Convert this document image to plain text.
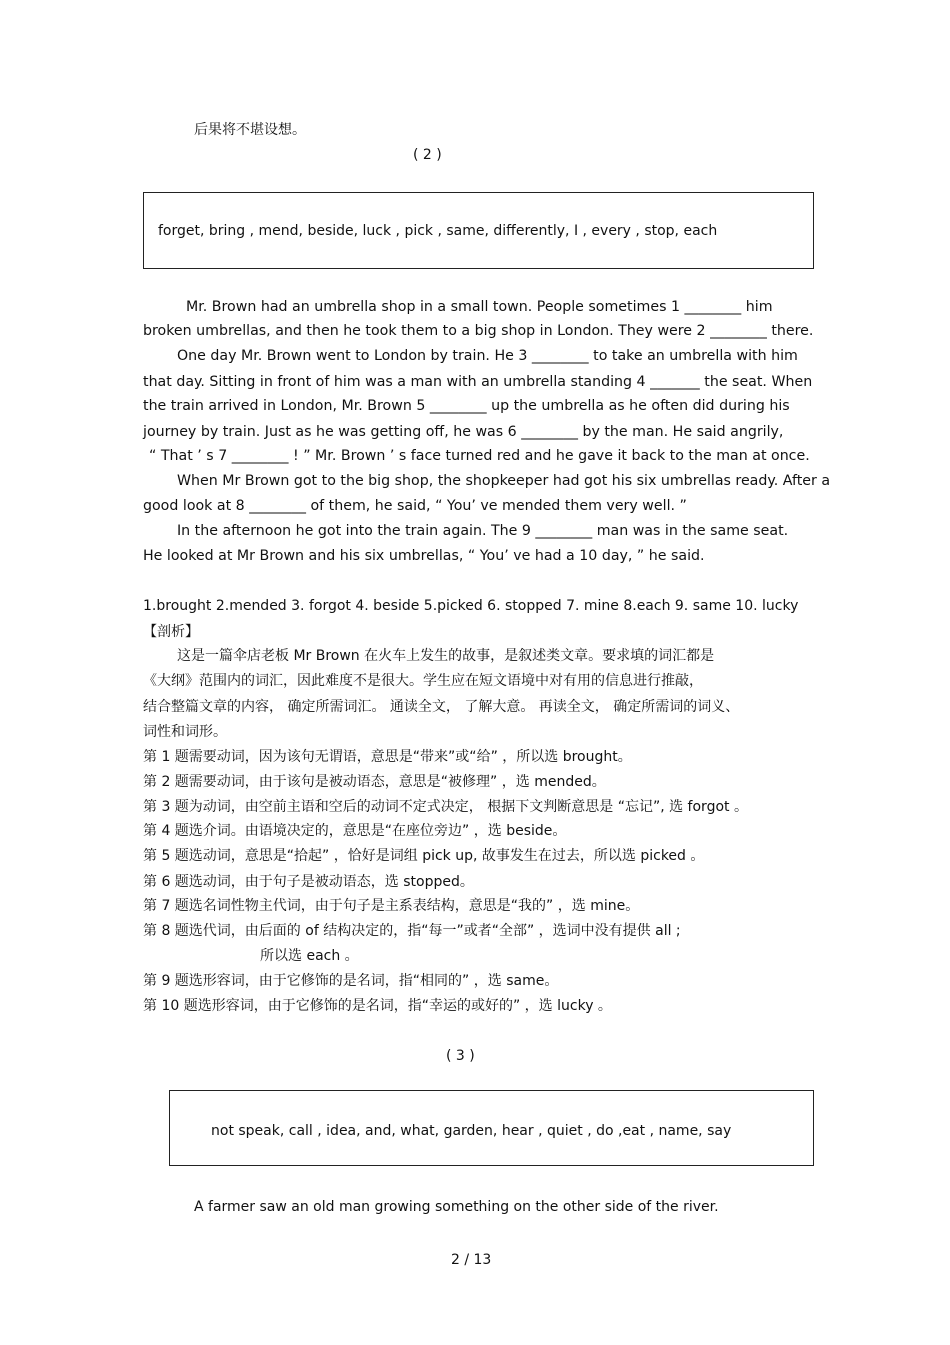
后果将不堪设想。
( 2 )
forget, bring , mend, beside, luck , pick , same, differently, I , every , stop, each
Mr. Brown had an umbrella shop in a small town. People sometimes 1 ________ him
broken umbrellas, and then he took them to a big shop in London. They were 2 ________ there.
One day Mr. Brown went to London by train. He 3 ________ to take an umbrella with him
that day. Sitting in front of him was a man with an umbrella standing 4 _______ the seat. When
the train arrived in London, Mr. Brown 5 ________ up the umbrella as he often did during his
journey by train. Just as he was getting off, he was 6 ________ by the man. He said angrily,
“ That ’ s 7 ________ ! ” Mr. Brown ’ s face turned red and he gave it back to the man at once.
When Mr Brown got to the big shop, the shopkeeper had got his six umbrellas ready. After a
good look at 8 ________ of them, he said, “ You’ ve mended them very well. ”
In the afternoon he got into the train again. The 9 ________ man was in the same seat.
He looked at Mr Brown and his six umbrellas, “ You’ ve had a 10 day, ” he said.
1.brought 2.mended 3. forgot 4. beside 5.picked 6. stopped 7. mine 8.each 9. same 10. lucky
【剖析】
这是一篇伞店老板 Mr Brown 在火车上发生的故事，是叙述类文章。要求填的词汇都是
《大纲》范围内的词汇，因此难度不是很大。学生应在短文语境中对有用的信息进行推敲，
结合整篇文章的内容， 确定所需词汇。 通读全文， 了解大意。 再读全文， 确定所需词的词义、
词性和词形。
第 1 题需要动词，因为该句无谓语，意思是“带来”或“给” ，所以选 brought。
第 2 题需要动词，由于该句是被动语态，意思是“被修理” ，选 mended。
第 3 题为动词，由空前主语和空后的动词不定式决定， 根据下文判断意思是 “忘记”, 选 forgot 。
第 4 题选介词。由语境决定的，意思是“在座位旁边” ，选 beside。
第 5 题选动词，意思是“拾起” ，恰好是词组 pick up, 故事发生在过去，所以选 picked 。
第 6 题选动词，由于句子是被动语态，选 stopped。
第 7 题选名词性物主代词，由于句子是主系表结构，意思是“我的” ，选 mine。
第 8 题选代词，由后面的 of 结构决定的，指“每一”或者“全部” ，选词中没有提供 all ;
所以选 each 。
第 9 题选形容词，由于它修饰的是名词，指“相同的” ，选 same。
第 10 题选形容词，由于它修饰的是名词，指“幸运的或好的” ，选 lucky 。
( 3 )
not speak, call , idea, and, what, garden, hear , quiet , do ,eat , name, say
A farmer saw an old man growing something on the other side of the river.
2 / 13
